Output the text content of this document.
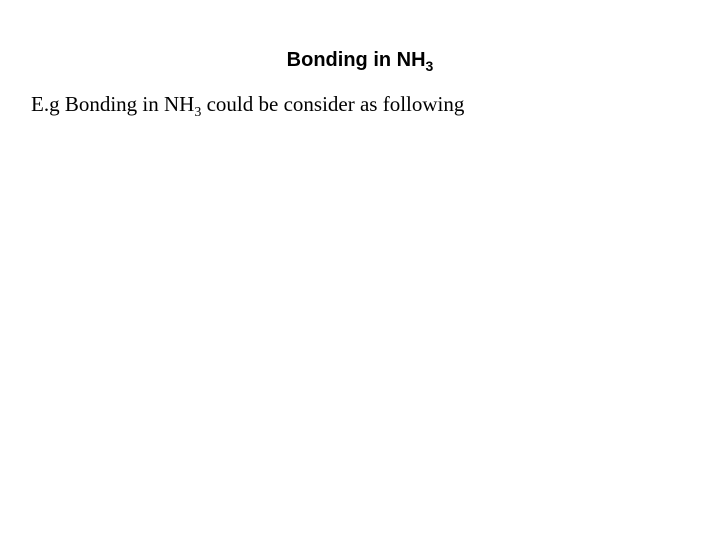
Bonding in $NH_3$
E.g Bonding in $NH_3$ could be consider as following
